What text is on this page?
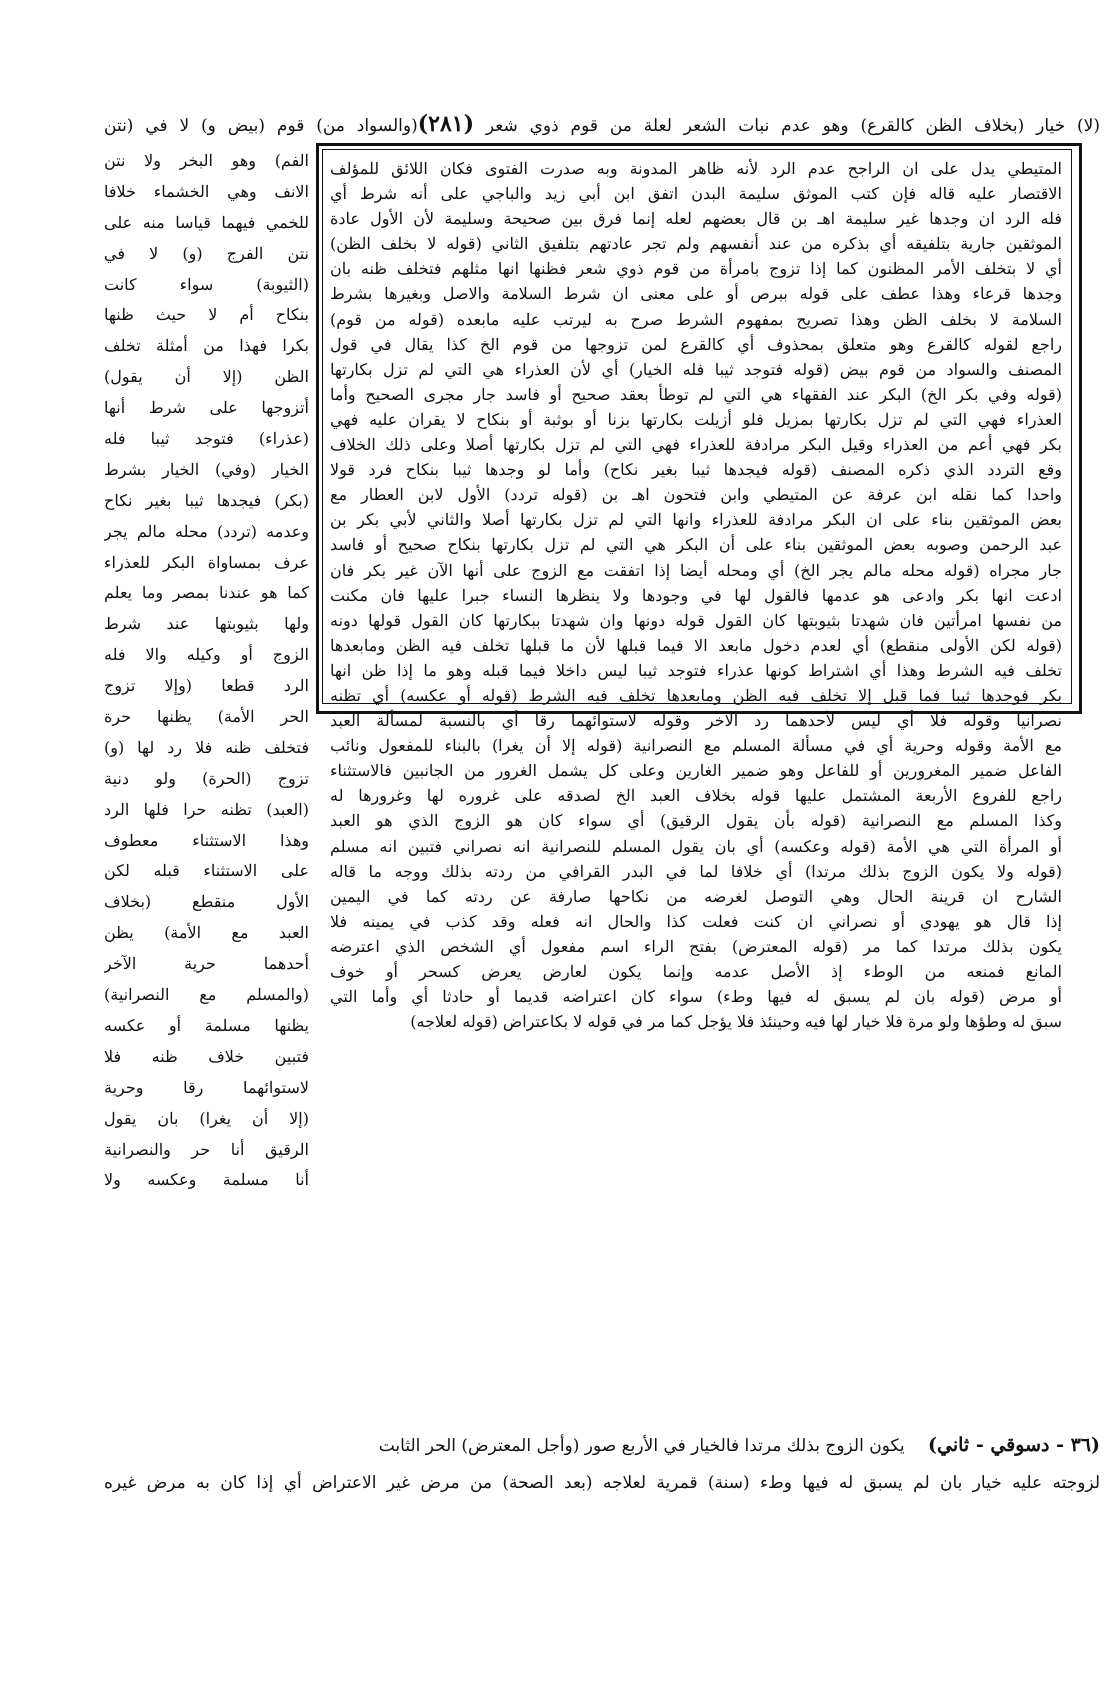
(لا) خيار (بخلاف الظن كالقرع) وهو عدم نبات الشعر لعلة من قوم ذوي شعر (٢٨١)(والسواد من) قوم (بيض و) لا في (نتن
المتيطي يدل على ان الراجح عدم الرد لأنه ظاهر المدونة وبه صدرت الفتوى فكان اللائق للمؤلف
الاقتصار عليه قاله فإن كتب الموثق سليمة البدن اتفق ابن أبي زيد والباجي على أنه شرط أي
فله الرد ان وجدها غير سليمة اهـ بن قال بعضهم لعله إنما فرق بين صحيحة وسليمة لأن الأول عادة
الموثقين جارية بتلفيقه أي بذكره من عند أنفسهم ولم تجر عادتهم بتلفيق الثاني (قوله لا بخلف الظن)
أي لا بتخلف الأمر المظنون كما إذا تزوج بامرأة من قوم ذوي شعر فظنها انها مثلهم فتخلف ظنه بان
وجدها قرعاء وهذا عطف على قوله ببرص أو على معنى ان شرط السلامة والاصل وبغيرها بشرط
السلامة لا بخلف الظن وهذا تصريح بمفهوم الشرط صرح به ليرتب عليه مابعده (قوله من قوم)
راجع لقوله كالقرع وهو متعلق بمحذوف أي كالقرع لمن تزوجها من قوم الخ كذا يقال في قول
المصنف والسواد من قوم بيض (قوله فتوجد ثيبا فله الخيار) أي لأن العذراء هي التي لم تزل بكارتها
(قوله وفي بكر الخ) البكر عند الفقهاء هي التي لم توطأ بعقد صحيح أو فاسد جار مجرى الصحيح وأما
العذراء فهي التي لم تزل بكارتها بمزيل فلو أزيلت بكارتها بزنا أو بوثبة أو بنكاح لا يقران عليه فهي
بكر فهي أعم من العذراء وقيل البكر مرادفة للعذراء فهي التي لم تزل بكارتها أصلا وعلى ذلك الخلاف
وقع التردد الذي ذكره المصنف (قوله فيجدها ثيبا بغير نكاح) وأما لو وجدها ثيبا بنكاح فرد قولا
واحدا كما نقله ابن عرفة عن المتيطي وابن فتحون اهـ بن (قوله تردد) الأول لابن العطار مع
بعض الموثقين بناء على ان البكر مرادفة للعذراء وانها التي لم تزل بكارتها أصلا والثاني لأبي بكر بن
عبد الرحمن وصوبه بعض الموثقين بناء على أن البكر هي التي لم تزل بكارتها بنكاح صحيح أو فاسد
جار مجراه (قوله محله مالم يجر الخ) أي ومحله أيضا إذا اتفقت مع الزوج على أنها الآن غير بكر فان
ادعت انها بكر وادعى هو عدمها فالقول لها في وجودها ولا ينظرها النساء جبرا عليها فان مكنت
من نفسها امرأتين فان شهدتا بثيوبتها كان القول قوله دونها وان شهدتا ببكارتها كان القول قولها دونه
(قوله لكن الأولى منقطع) أي لعدم دخول مابعد الا فيما قبلها لأن ما قبلها تخلف فيه الظن ومابعدها
تخلف فيه الشرط وهذا أي اشتراط كونها عذراء فتوجد ثيبا ليس داخلا فيما قبله وهو ما إذا ظن انها
بكر فوجدها ثيبا فما قبل إلا تخلف فيه الظن ومابعدها تخلف فيه الشرط (قوله أو عكسه) أي تظنه
نصرانيا وقوله فلا أي ليس لأحدهما رد الآخر وقوله لاستوائهما رقا أي بالنسبة لمسألة العبد
مع الأمة وقوله وحرية أي في مسألة المسلم مع النصرانية (قوله إلا أن يغرا) بالبناء للمفعول ونائب
الفاعل ضمير المغرورين أو للفاعل وهو ضمير الغارين وعلى كل يشمل الغرور من الجانبين فالاستثناء
راجع للفروع الأربعة المشتمل عليها قوله بخلاف العبد الخ لصدقه على غروره لها وغرورها له
وكذا المسلم مع النصرانية (قوله بأن يقول الرقيق) أي سواء كان هو الزوج الذي هو العبد
أو المرأة التي هي الأمة (قوله وعكسه) أي بان يقول المسلم للنصرانية انه نصراني فتبين انه مسلم
(قوله ولا يكون الزوج بذلك مرتدا) أي خلافا لما في البدر القرافي من ردته بذلك ووجه ما قاله
الشارح ان قرينة الحال وهي التوصل لغرضه من نكاحها صارفة عن ردته كما في اليمين
إذا قال هو يهودي أو نصراني ان كنت فعلت كذا والحال انه فعله وقد كذب في يمينه فلا
يكون بذلك مرتدا كما مر (قوله المعترض) بفتح الراء اسم مفعول أي الشخص الذي اعترضه
المانع فمنعه من الوطء إذ الأصل عدمه وإنما يكون لعارض يعرض كسحر أو خوف
أو مرض (قوله بان لم يسبق له فيها وطء) سواء كان اعتراضه قديما أو حادثا أي وأما التي
سبق له وطؤها ولو مرة فلا خيار لها فيه وحينئذ فلا يؤجل كما مر في قوله لا بكاعتراض (قوله لعلاجه)
الفم) وهو البخر ولا نتن
الانف وهي الخشماء خلافا
للخمي فيهما قياسا منه على
نتن الفرج (و) لا في
(الثيوبة) سواء كانت
بنكاح أم لا حيث ظنها
بكرا فهذا من أمثلة تخلف
الظن (إلا أن يقول)
أتزوجها على شرط أنها
(عذراء) فتوجد ثيبا فله
الخيار (وفي) الخيار بشرط
(بكر) فيجدها ثيبا بغير نكاح
وعدمه (تردد) محله مالم يجر
عرف بمساواة البكر للعذراء
كما هو عندنا بمصر وما يعلم
ولها بثيوبتها عند شرط
الزوج أو وكيله والا فله
الرد قطعا (وإلا تزوج
الحر الأمة) يظنها حرة
فتخلف ظنه فلا رد لها (و)
تزوج (الحرة) ولو دنية
(العبد) تظنه حرا فلها الرد
وهذا الاستثناء معطوف
على الاستثناء قبله لكن
الأول منقطع (بخلاف
العبد مع الأمة) يظن
أحدهما حرية الآخر
(والمسلم مع النصرانية)
يظنها مسلمة أو عكسه
فتبين خلاف ظنه فلا
لاستوائهما رقا وحرية
(إلا أن يغرا) بان يقول
الرقيق أنا حر والنصرانية
أنا مسلمة وعكسه ولا
(٣٦ - دسوقي - ثاني) يكون الزوج بذلك مرتدا فالخيار في الأربع صور (وأجل المعترض) الحر الثابت
لزوجته عليه خيار بان لم يسبق له فيها وطء (سنة) قمرية لعلاجه (بعد الصحة) من مرض غير الاعتراض أي إذا كان به مرض غيره
